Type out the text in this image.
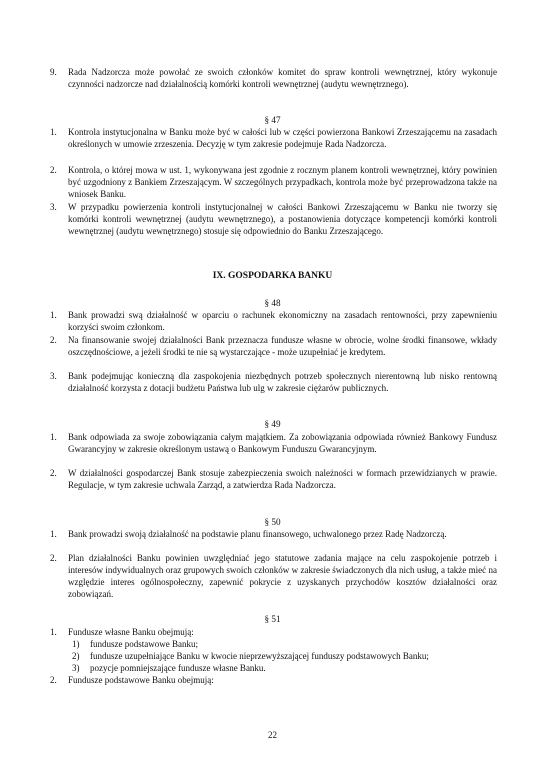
9.	Rada Nadzorcza może powołać ze swoich członków komitet do spraw kontroli wewnętrznej, który wykonuje czynności nadzorcze nad działalnością komórki kontroli wewnętrznej (audytu wewnętrznego).
§ 47
1.	Kontrola instytucjonalna w Banku może być w całości lub w części powierzona Bankowi Zrzeszającemu na zasadach określonych w umowie zrzeszenia. Decyzję w tym zakresie podejmuje Rada Nadzorcza.
2.	Kontrola, o której mowa w ust. 1, wykonywana jest zgodnie z rocznym planem kontroli wewnętrznej, który powinien być uzgodniony z Bankiem Zrzeszającym. W szczególnych przypadkach, kontrola może być przeprowadzona także na wniosek Banku.
3.	W przypadku powierzenia kontroli instytucjonalnej w całości Bankowi Zrzeszającemu w Banku nie tworzy się komórki kontroli wewnętrznej (audytu wewnętrznego), a postanowienia dotyczące kompetencji komórki kontroli wewnętrznej (audytu wewnętrznego) stosuje się odpowiednio do Banku Zrzeszającego.
IX. GOSPODARKA BANKU
§ 48
1.	Bank prowadzi swą działalność w oparciu o rachunek ekonomiczny na zasadach rentowności, przy zapewnieniu korzyści swoim członkom.
2.	Na finansowanie swojej działalności Bank przeznacza fundusze własne w obrocie, wolne środki finansowe, wkłady oszczędnościowe, a jeżeli środki te nie są wystarczające - może uzupełniać je kredytem.
3.	Bank podejmując konieczną dla zaspokojenia niezbędnych potrzeb społecznych nierentowną lub nisko rentowną działalność korzysta z dotacji budżetu Państwa lub ulg w zakresie ciężarów publicznych.
§ 49
1.	Bank odpowiada za swoje zobowiązania całym majątkiem. Za zobowiązania odpowiada również Bankowy Fundusz Gwarancyjny w zakresie określonym ustawą o Bankowym Funduszu Gwarancyjnym.
2.	W działalności gospodarczej Bank stosuje zabezpieczenia swoich należności w formach przewidzianych w prawie. Regulacje, w tym zakresie uchwala Zarząd, a zatwierdza Rada Nadzorcza.
§ 50
1.	Bank prowadzi swoją działalność na podstawie planu finansowego, uchwalonego przez Radę Nadzorczą.
2.	Plan działalności Banku powinien uwzględniać jego statutowe zadania mające na celu zaspokojenie potrzeb i interesów indywidualnych oraz grupowych swoich członków w zakresie świadczonych dla nich usług, a także mieć na względzie interes ogólnospołeczny, zapewnić pokrycie z uzyskanych przychodów kosztów działalności oraz zobowiązań.
§ 51
1.	Fundusze własne Banku obejmują:
1)	fundusze podstawowe Banku;
2)	fundusze uzupełniające Banku w kwocie nieprzewyższającej funduszy podstawowych Banku;
3)	pozycje pomniejszające fundusze własne Banku.
2.	Fundusze podstawowe Banku obejmują:
22
